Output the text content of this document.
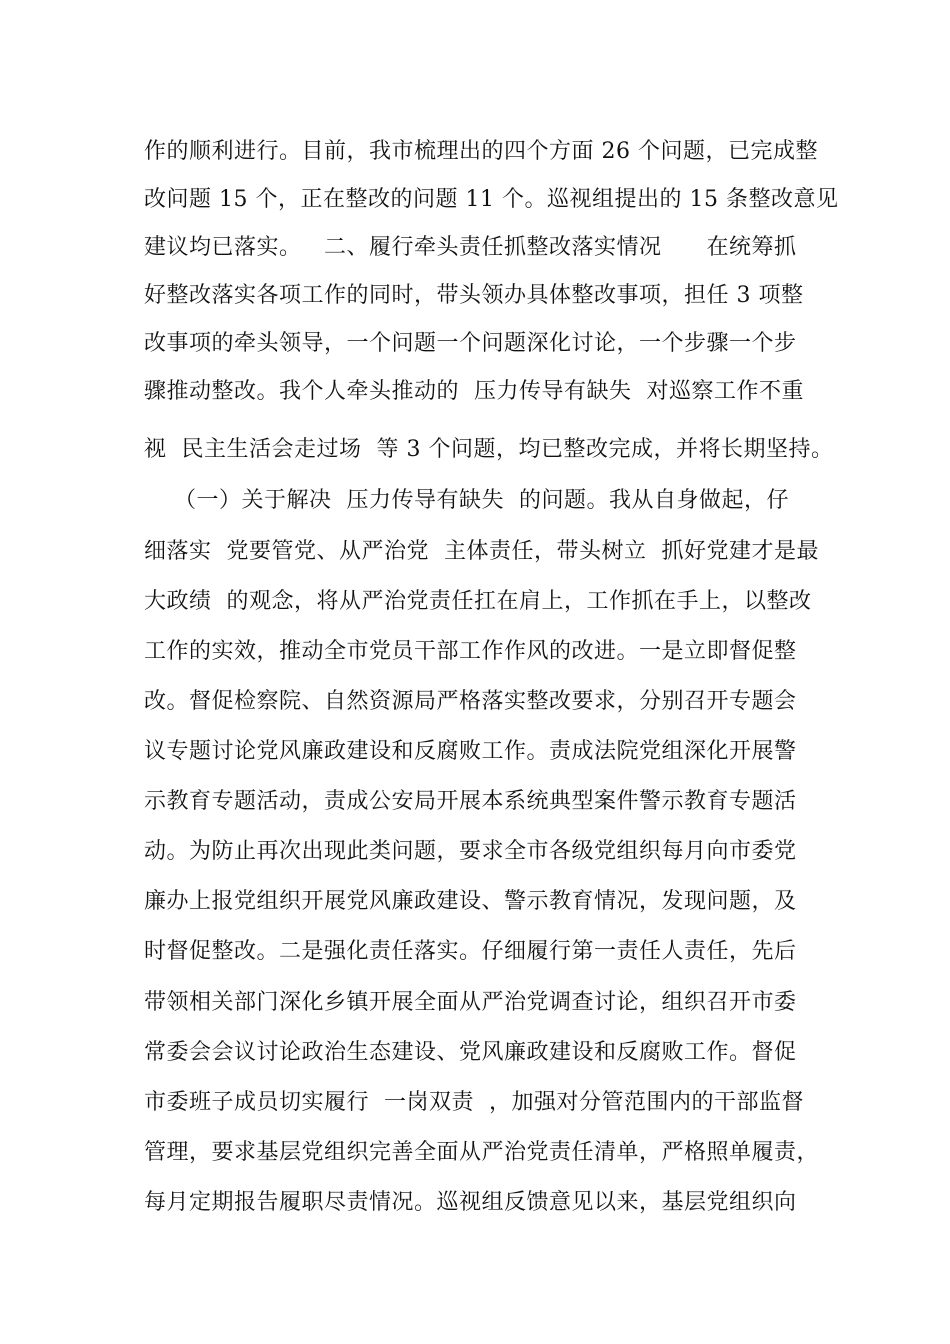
作的顺利进行。目前，我市梳理出的四个方面 26 个问题，已完成整
改问题 15 个，正在整改的问题 11 个。巡视组提出的 15 条整改意见
建议均已落实。   二、履行牵头责任抓整改落实情况      在统筹抓
好整改落实各项工作的同时，带头领办具体整改事项，担任 3 项整
改事项的牵头领导，一个问题一个问题深化讨论，一个步骤一个步
骤推动整改。我个人牵头推动的  压力传导有缺失  对巡察工作不重
视  民主生活会走过场  等 3 个问题，均已整改完成，并将长期坚持。
（一）关于解决  压力传导有缺失  的问题。我从自身做起，仔
细落实  党要管党、从严治党  主体责任，带头树立  抓好党建才是最
大政绩  的观念，将从严治党责任扛在肩上，工作抓在手上，以整改
工作的实效，推动全市党员干部工作作风的改进。一是立即督促整
改。督促检察院、自然资源局严格落实整改要求，分别召开专题会
议专题讨论党风廉政建设和反腐败工作。责成法院党组深化开展警
示教育专题活动，责成公安局开展本系统典型案件警示教育专题活
动。为防止再次出现此类问题，要求全市各级党组织每月向市委党
廉办上报党组织开展党风廉政建设、警示教育情况，发现问题，及
时督促整改。二是强化责任落实。仔细履行第一责任人责任，先后
带领相关部门深化乡镇开展全面从严治党调查讨论，组织召开市委
常委会会议讨论政治生态建设、党风廉政建设和反腐败工作。督促
市委班子成员切实履行  一岗双责  ，加强对分管范围内的干部监督
管理，要求基层党组织完善全面从严治党责任清单，严格照单履责，
每月定期报告履职尽责情况。巡视组反馈意见以来，基层党组织向
